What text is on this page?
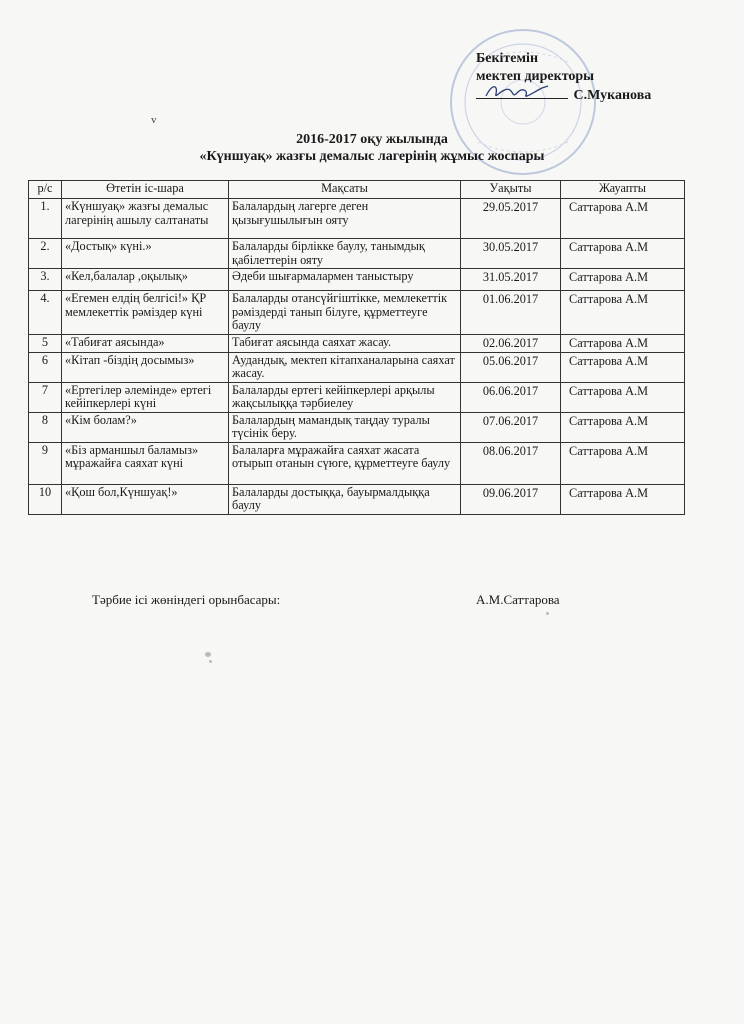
Бекітемін
мектеп директоры

С.Муканова
v
2016-2017 оқу жылында
«Күншуақ» жазғы демалыс лагерінің жұмыс жоспары
р/с	Өтетін іс-шара	Мақсаты	Уақыты	Жауапты
1.	«Күншуақ» жазғы демалыс лагерінің ашылу салтанаты	Балалардың лагерге деген қызығушылығын ояту	29.05.2017	Саттарова А.М
2.	«Достық» күні.»	Балаларды бірлікке баулу, танымдық қабілеттерін ояту	30.05.2017	Саттарова А.М
3.	«Кел,балалар ,оқылық»	Әдеби шығармалармен таныстыру	31.05.2017	Саттарова А.М
4.	«Егемен елдің белгісі!» ҚР мемлекеттік рәміздер күні	Балаларды отансүйгіштікке, мемлекеттік рәміздерді танып білуге, құрметтеуге баулу	01.06.2017	Саттарова А.М
5	«Табиғат аясында»	Табиғат аясында саяхат жасау.	02.06.2017	Саттарова А.М
6	«Кітап -біздің досымыз»	Аудандық, мектеп кітапханаларына саяхат жасау.	05.06.2017	Саттарова А.М
7	«Ертегілер әлемінде» ертегі кейіпкерлері күні	Балаларды ертегі кейіпкерлері арқылы жақсылыққа тәрбиелеу	06.06.2017	Саттарова А.М
8	«Кім болам?»	Балалардың мамандық таңдау туралы түсінік беру.	07.06.2017	Саттарова А.М
9	«Біз арманшыл баламыз» мұражайға саяхат күні	Балаларға мұражайға саяхат жасата отырып отанын сүюге, құрметтеуге баулу	08.06.2017	Саттарова А.М
10	«Қош бол,Күншуақ!»	Балаларды достыққа, бауырмалдыққа баулу	09.06.2017	Саттарова А.М
Тәрбие ісі жөніндегі орынбасары:	А.М.Саттарова
